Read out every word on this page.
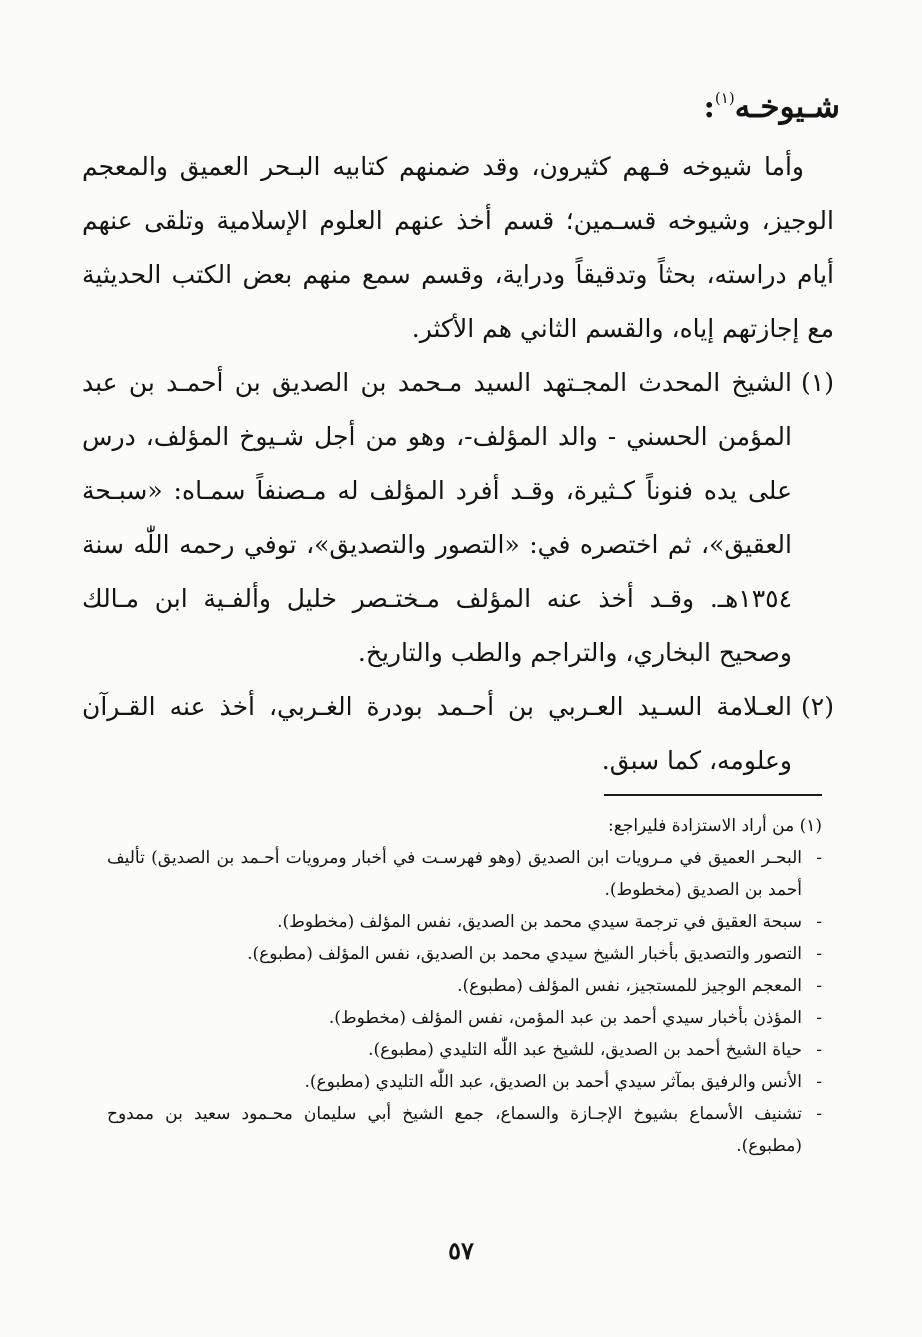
شـيوخـه$^{(١)}$:

وأما شيوخه فـهم كثيرون، وقد ضمنهم كتابيه البـحر العميق والمعجم الوجيز، وشيوخه قسـمين؛ قسم أخذ عنهم العلوم الإسلامية وتلقى عنهم أيام دراسته، بحثاً وتدقيقاً ودراية، وقسم سمع منهم بعض الكتب الحديثية مع إجازتهم إياه، والقسم الثاني هم الأكثر.

(١)
الشيخ المحدث المجـتهد السيد مـحمد بن الصديق بن أحمـد بن عبد المؤمن الحسني - والد المؤلف-، وهو من أجل شـيوخ المؤلف، درس على يده فنوناً كـثيرة، وقـد أفرد المؤلف له مـصنفاً سمـاه: «سبـحة العقيق»، ثم اختصره في: «التصور والتصديق»، توفي رحمه اللّٰه سنة ١٣٥٤هـ. وقـد أخذ عنه المؤلف مـختـصر خليل وألفـية ابن مـالك وصحيح البخاري، والتراجم والطب والتاريخ.

(٢)
العـلامة السـيد العـربي بن أحـمد بودرة الغـربي، أخذ عنه القـرآن وعلومه، كما سبق.

(١) من أراد الاستزادة فليراجع:

-
البحـر العميق في مـرويات ابن الصديق (وهو فهرسـت في أخبار ومرويات أحـمد بن الصديق) تأليف أحمد بن الصديق (مخطوط).

-
سبحة العقيق في ترجمة سيدي محمد بن الصديق، نفس المؤلف (مخطوط).

-
التصور والتصديق بأخبار الشيخ سيدي محمد بن الصديق، نفس المؤلف (مطبوع).

-
المعجم الوجيز للمستجيز، نفس المؤلف (مطبوع).

-
المؤذن بأخبار سيدي أحمد بن عبد المؤمن، نفس المؤلف (مخطوط).

-
حياة الشيخ أحمد بن الصديق، للشيخ عبد اللّٰه التليدي (مطبوع).

-
الأنس والرفيق بمآثر سيدي أحمد بن الصديق، عبد اللّٰه التليدي (مطبوع).

-
تشنيف الأسماع بشيوخ الإجـازة والسماع، جمع الشيخ أبي سليمان محـمود سعيد بن ممدوح (مطبوع).

٥٧
